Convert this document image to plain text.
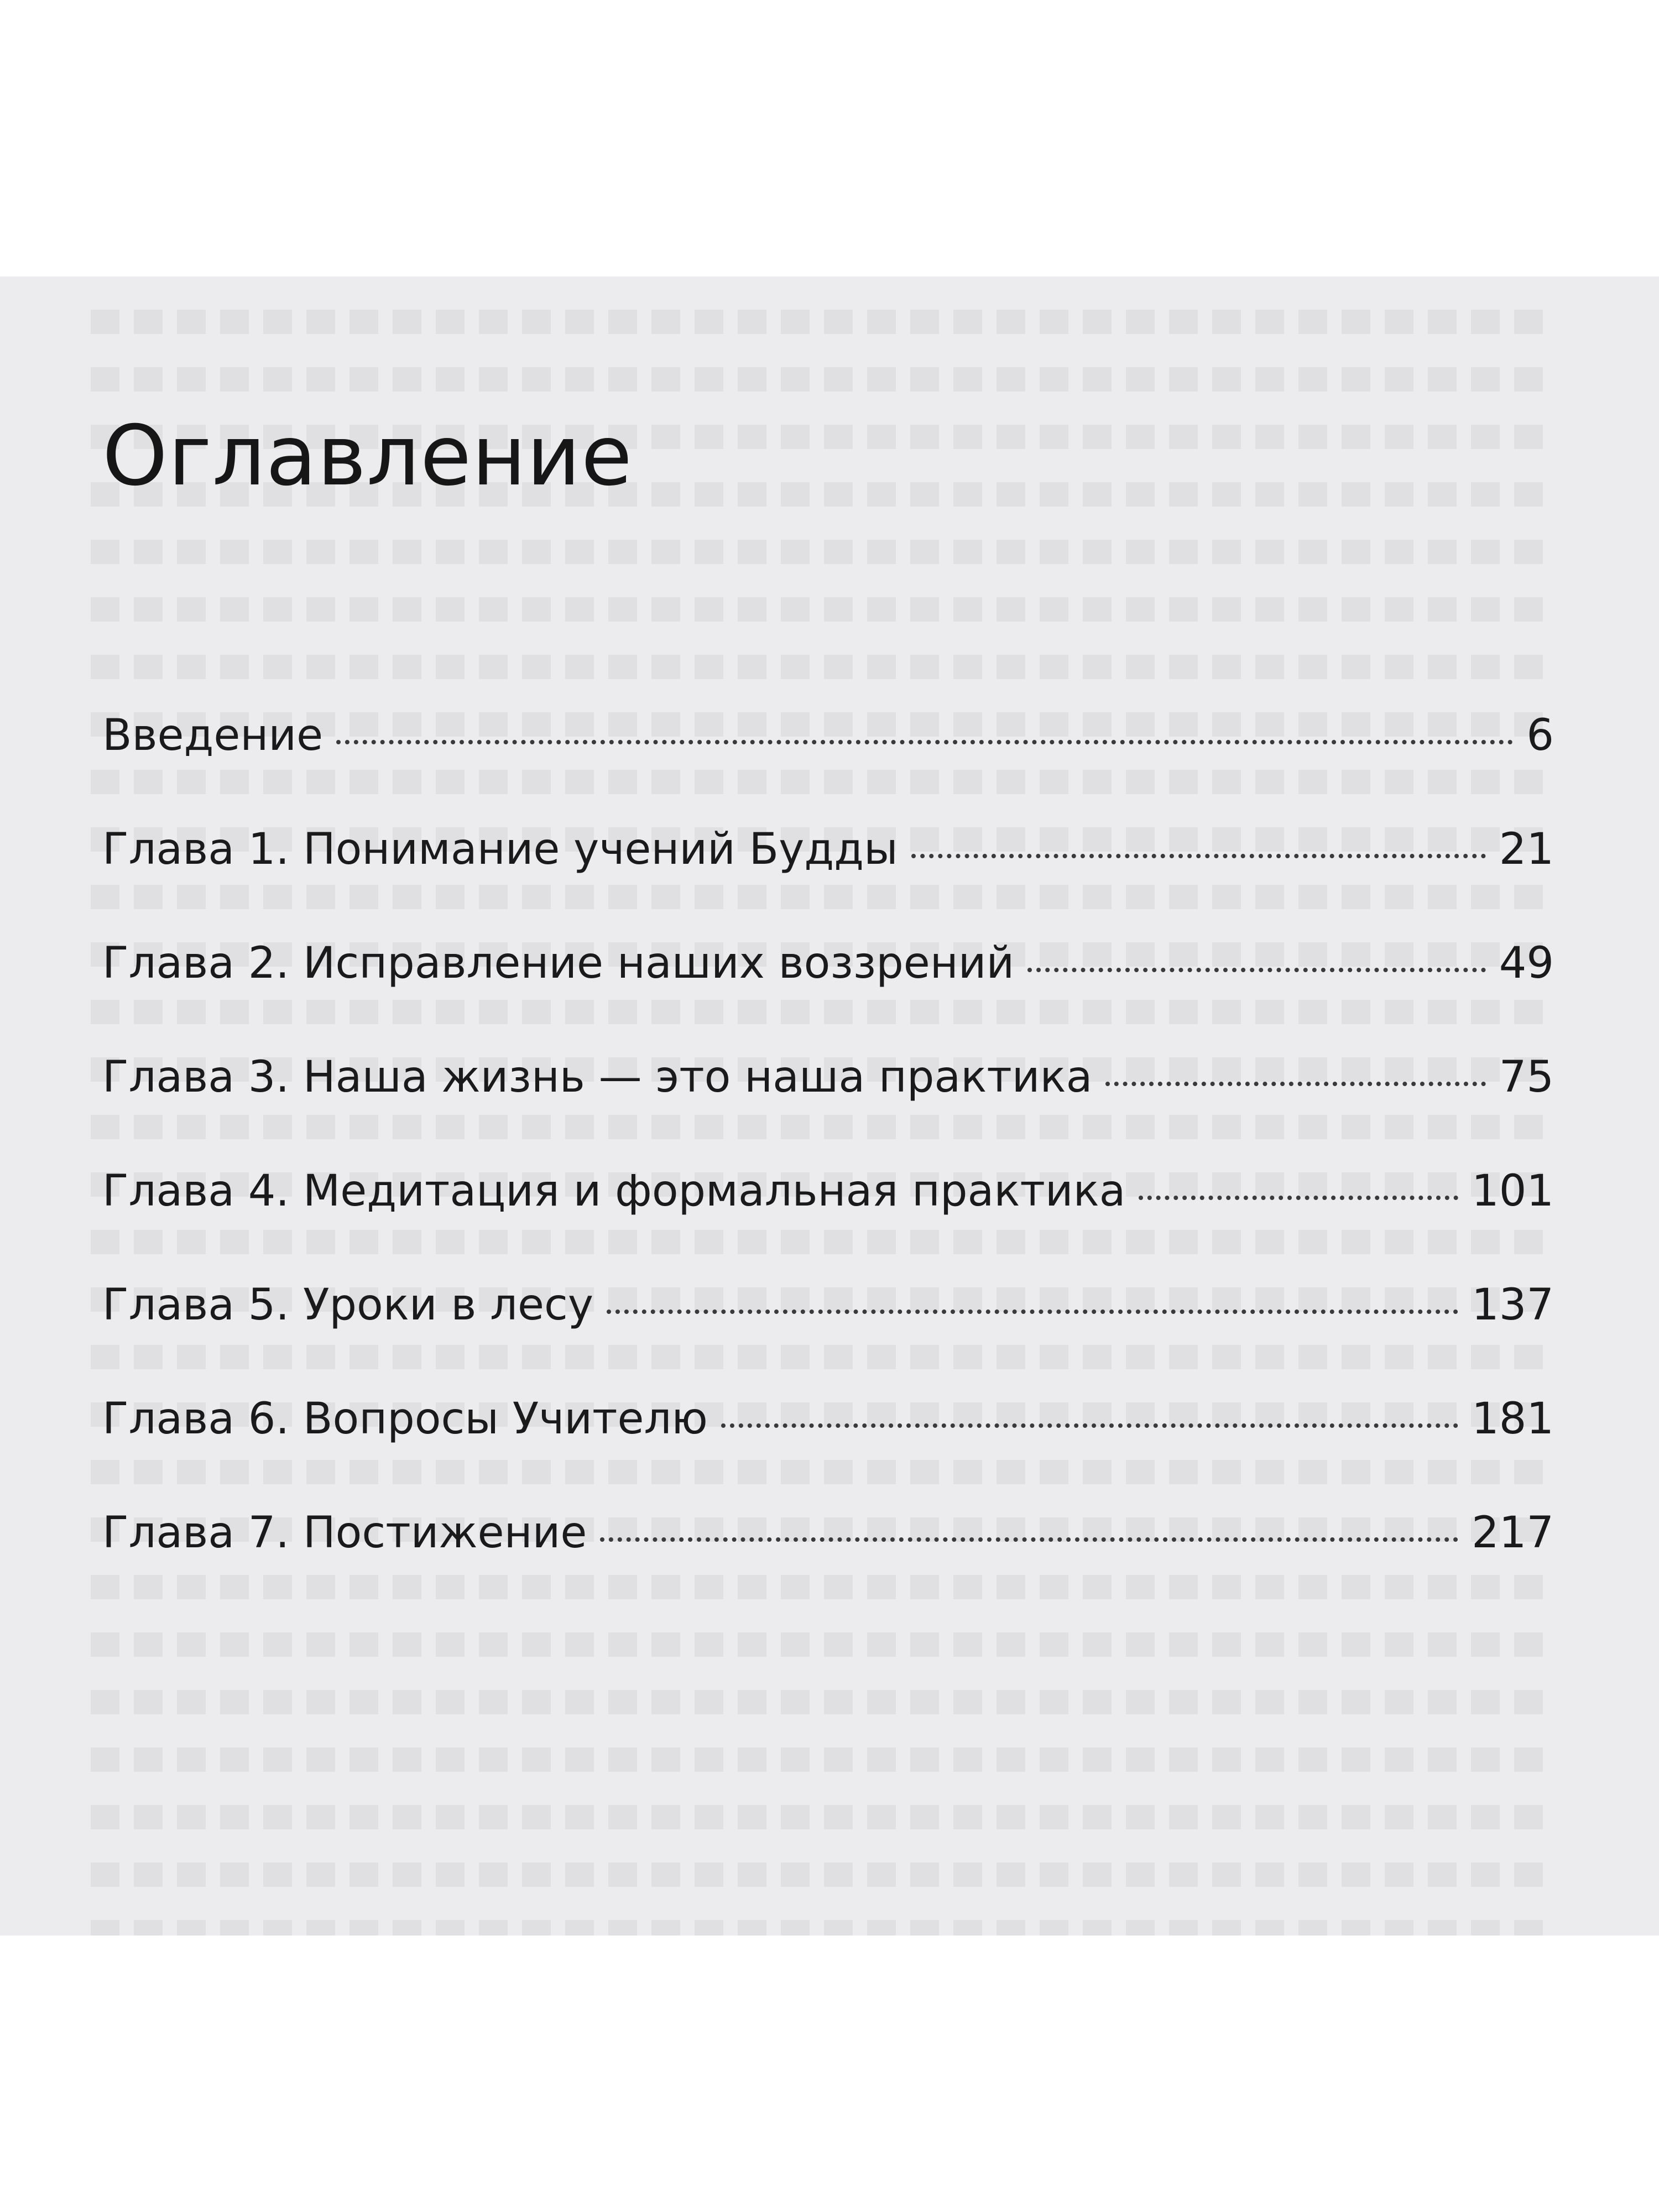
Оглавление
Введение	6
Глава 1. Понимание учений Будды	21
Глава 2. Исправление наших воззрений	49
Глава 3. Наша жизнь — это наша практика	75
Глава 4. Медитация и формальная практика	101
Глава 5. Уроки в лесу	137
Глава 6. Вопросы Учителю	181
Глава 7. Постижение	217
